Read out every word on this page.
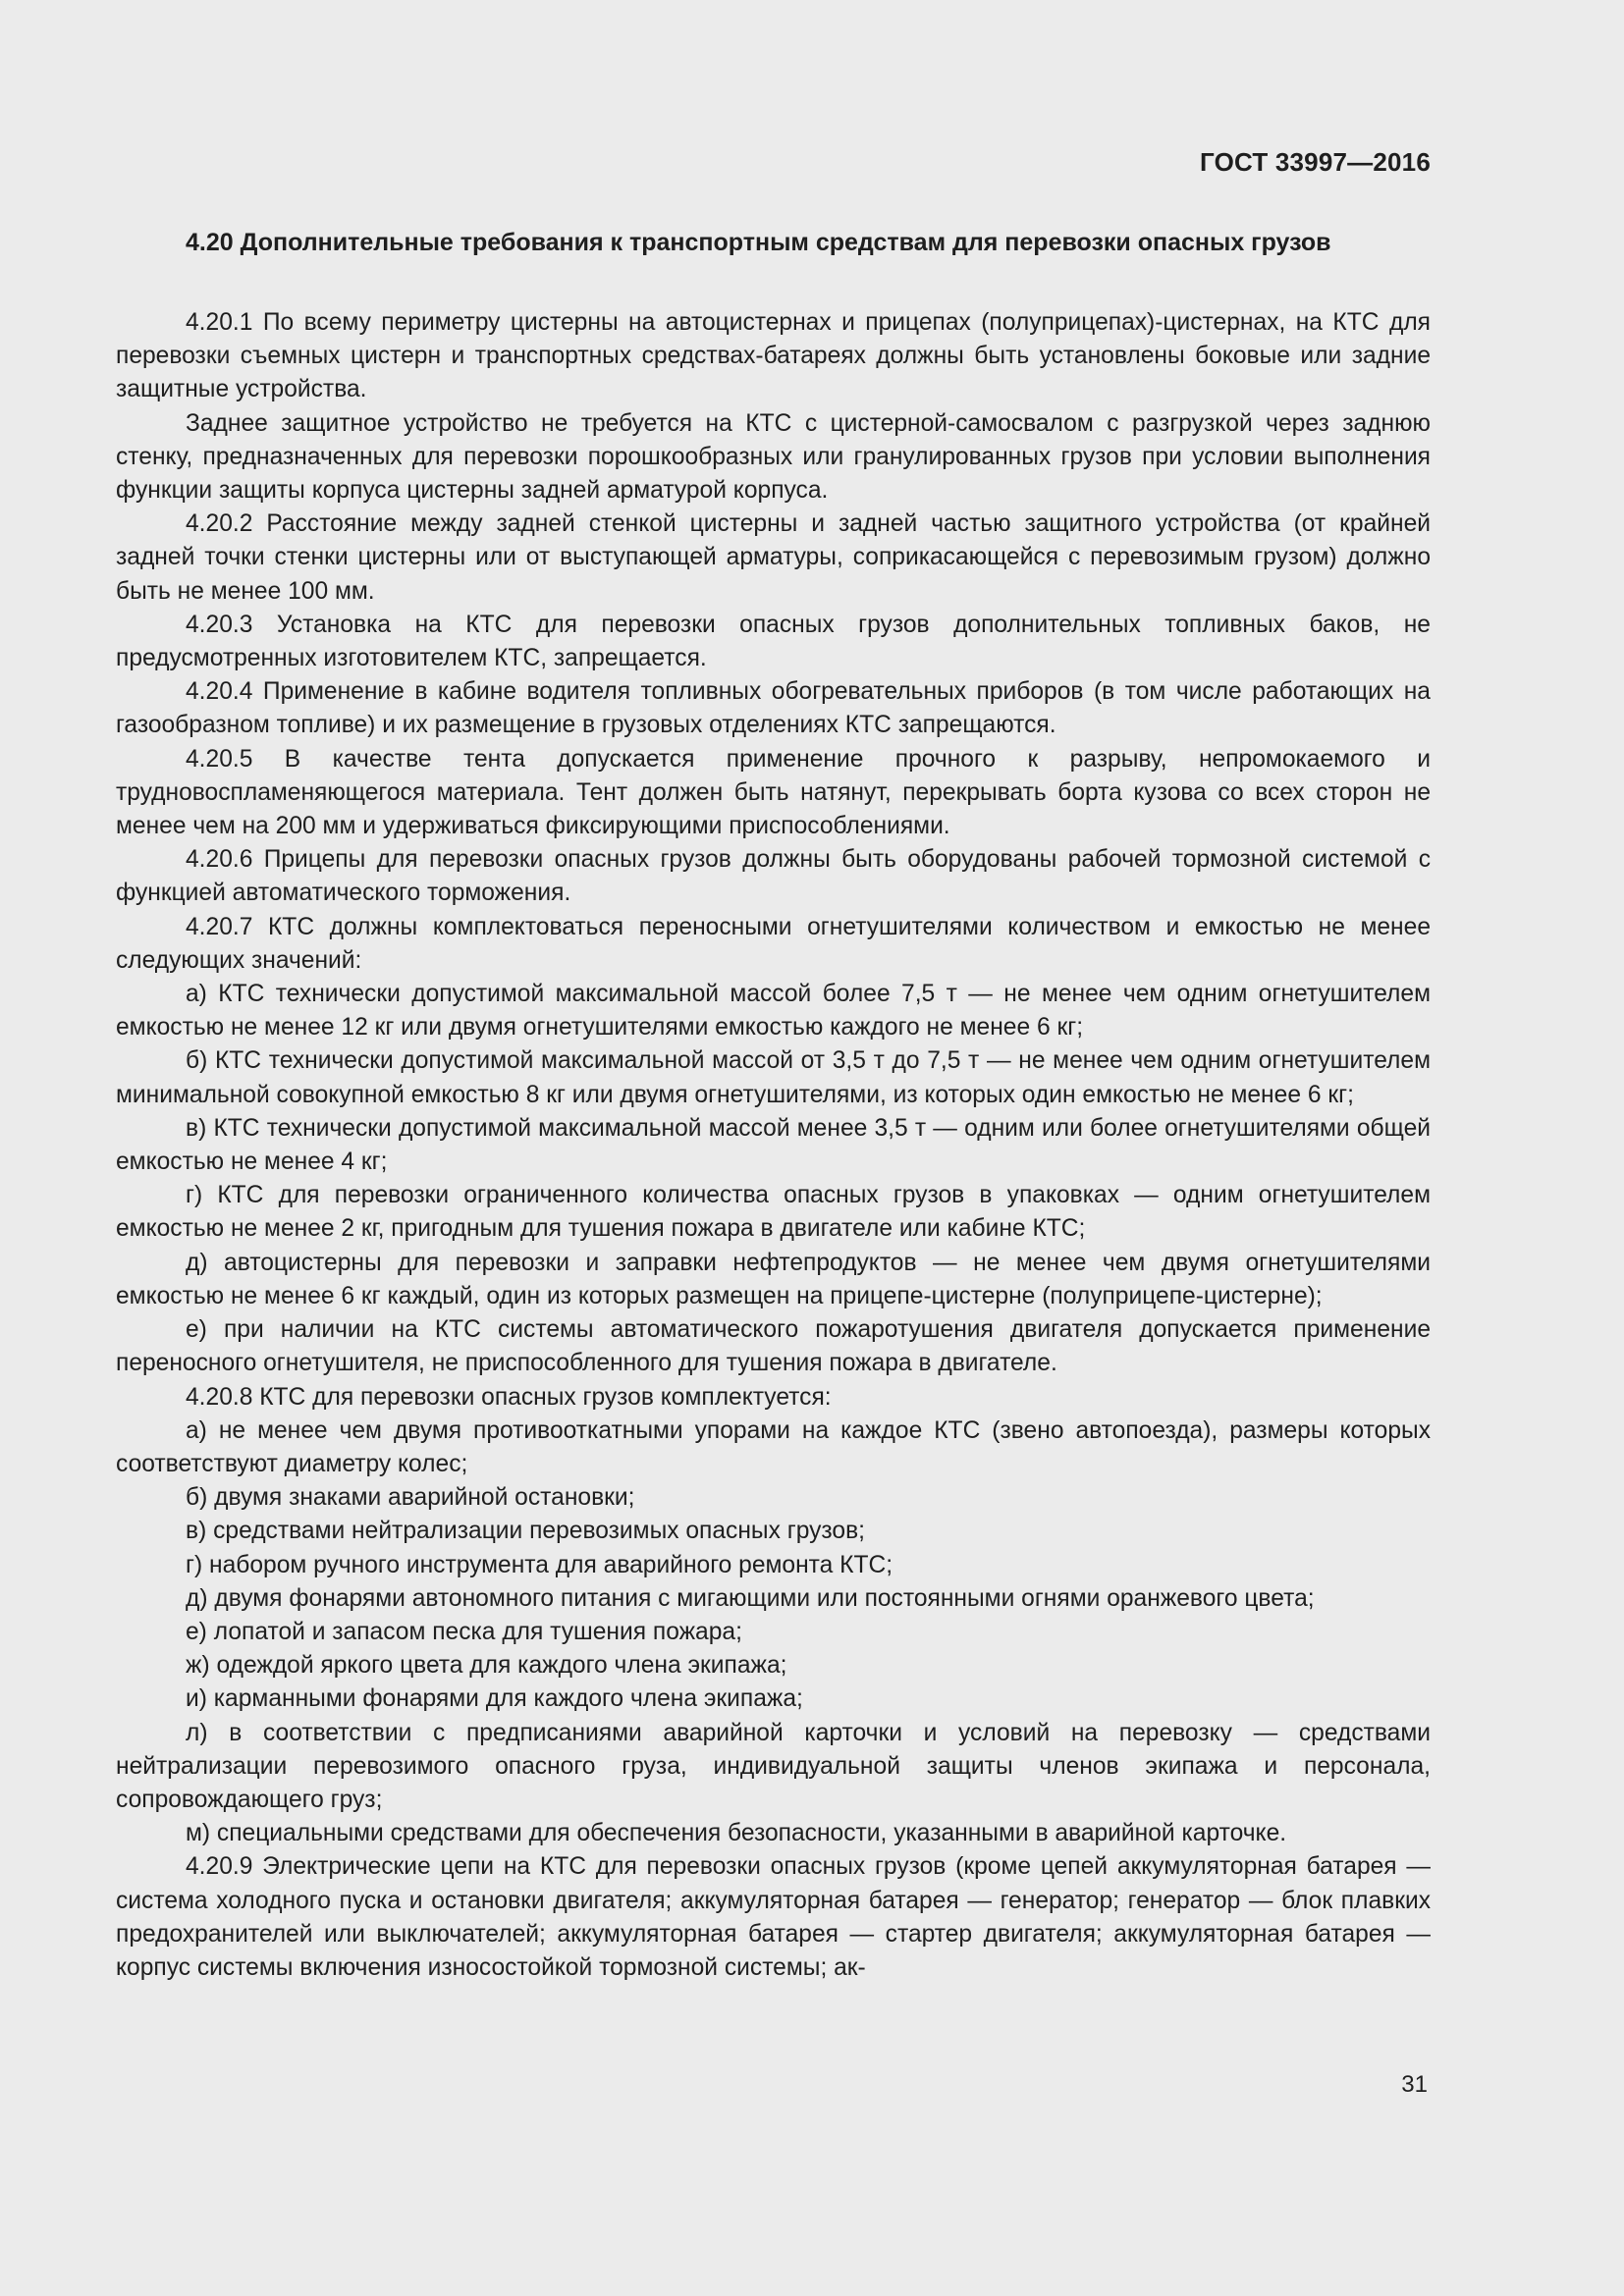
ГОСТ 33997—2016
4.20 Дополнительные требования к транспортным средствам для перевозки опасных грузов

4.20.1 По всему периметру цистерны на автоцистернах и прицепах (полуприцепах)-цистернах, на КТС для перевозки съемных цистерн и транспортных средствах-батареях должны быть установлены боковые или задние защитные устройства.

Заднее защитное устройство не требуется на КТС с цистерной-самосвалом с разгрузкой через заднюю стенку, предназначенных для перевозки порошкообразных или гранулированных грузов при условии выполнения функции защиты корпуса цистерны задней арматурой корпуса.

4.20.2 Расстояние между задней стенкой цистерны и задней частью защитного устройства (от крайней задней точки стенки цистерны или от выступающей арматуры, соприкасающейся с перевозимым грузом) должно быть не менее 100 мм.

4.20.3 Установка на КТС для перевозки опасных грузов дополнительных топливных баков, не предусмотренных изготовителем КТС, запрещается.

4.20.4 Применение в кабине водителя топливных обогревательных приборов (в том числе работающих на газообразном топливе) и их размещение в грузовых отделениях КТС запрещаются.

4.20.5 В качестве тента допускается применение прочного к разрыву, непромокаемого и трудновоспламеняющегося материала. Тент должен быть натянут, перекрывать борта кузова со всех сторон не менее чем на 200 мм и удерживаться фиксирующими приспособлениями.

4.20.6 Прицепы для перевозки опасных грузов должны быть оборудованы рабочей тормозной системой с функцией автоматического торможения.

4.20.7 КТС должны комплектоваться переносными огнетушителями количеством и емкостью не менее следующих значений:

а) КТС технически допустимой максимальной массой более 7,5 т — не менее чем одним огнетушителем емкостью не менее 12 кг или двумя огнетушителями емкостью каждого не менее 6 кг;

б) КТС технически допустимой максимальной массой от 3,5 т до 7,5 т — не менее чем одним огнетушителем минимальной совокупной емкостью 8 кг или двумя огнетушителями, из которых один емкостью не менее 6 кг;

в) КТС технически допустимой максимальной массой менее 3,5 т — одним или более огнетушителями общей емкостью не менее 4 кг;

г) КТС для перевозки ограниченного количества опасных грузов в упаковках — одним огнетушителем емкостью не менее 2 кг, пригодным для тушения пожара в двигателе или кабине КТС;

д) автоцистерны для перевозки и заправки нефтепродуктов — не менее чем двумя огнетушителями емкостью не менее 6 кг каждый, один из которых размещен на прицепе-цистерне (полуприцепе-цистерне);

е) при наличии на КТС системы автоматического пожаротушения двигателя допускается применение переносного огнетушителя, не приспособленного для тушения пожара в двигателе.

4.20.8 КТС для перевозки опасных грузов комплектуется:

а) не менее чем двумя противооткатными упорами на каждое КТС (звено автопоезда), размеры которых соответствуют диаметру колес;

б) двумя знаками аварийной остановки;

в) средствами нейтрализации перевозимых опасных грузов;

г) набором ручного инструмента для аварийного ремонта КТС;

д) двумя фонарями автономного питания с мигающими или постоянными огнями оранжевого цвета;

е) лопатой и запасом песка для тушения пожара;

ж) одеждой яркого цвета для каждого члена экипажа;

и) карманными фонарями для каждого члена экипажа;

л) в соответствии с предписаниями аварийной карточки и условий на перевозку — средствами нейтрализации перевозимого опасного груза, индивидуальной защиты членов экипажа и персонала, сопровождающего груз;

м) специальными средствами для обеспечения безопасности, указанными в аварийной карточке.

4.20.9 Электрические цепи на КТС для перевозки опасных грузов (кроме цепей аккумуляторная батарея — система холодного пуска и остановки двигателя; аккумуляторная батарея — генератор; генератор — блок плавких предохранителей или выключателей; аккумуляторная батарея — стартер двигателя; аккумуляторная батарея — корпус системы включения износостойкой тормозной системы; ак-

31
